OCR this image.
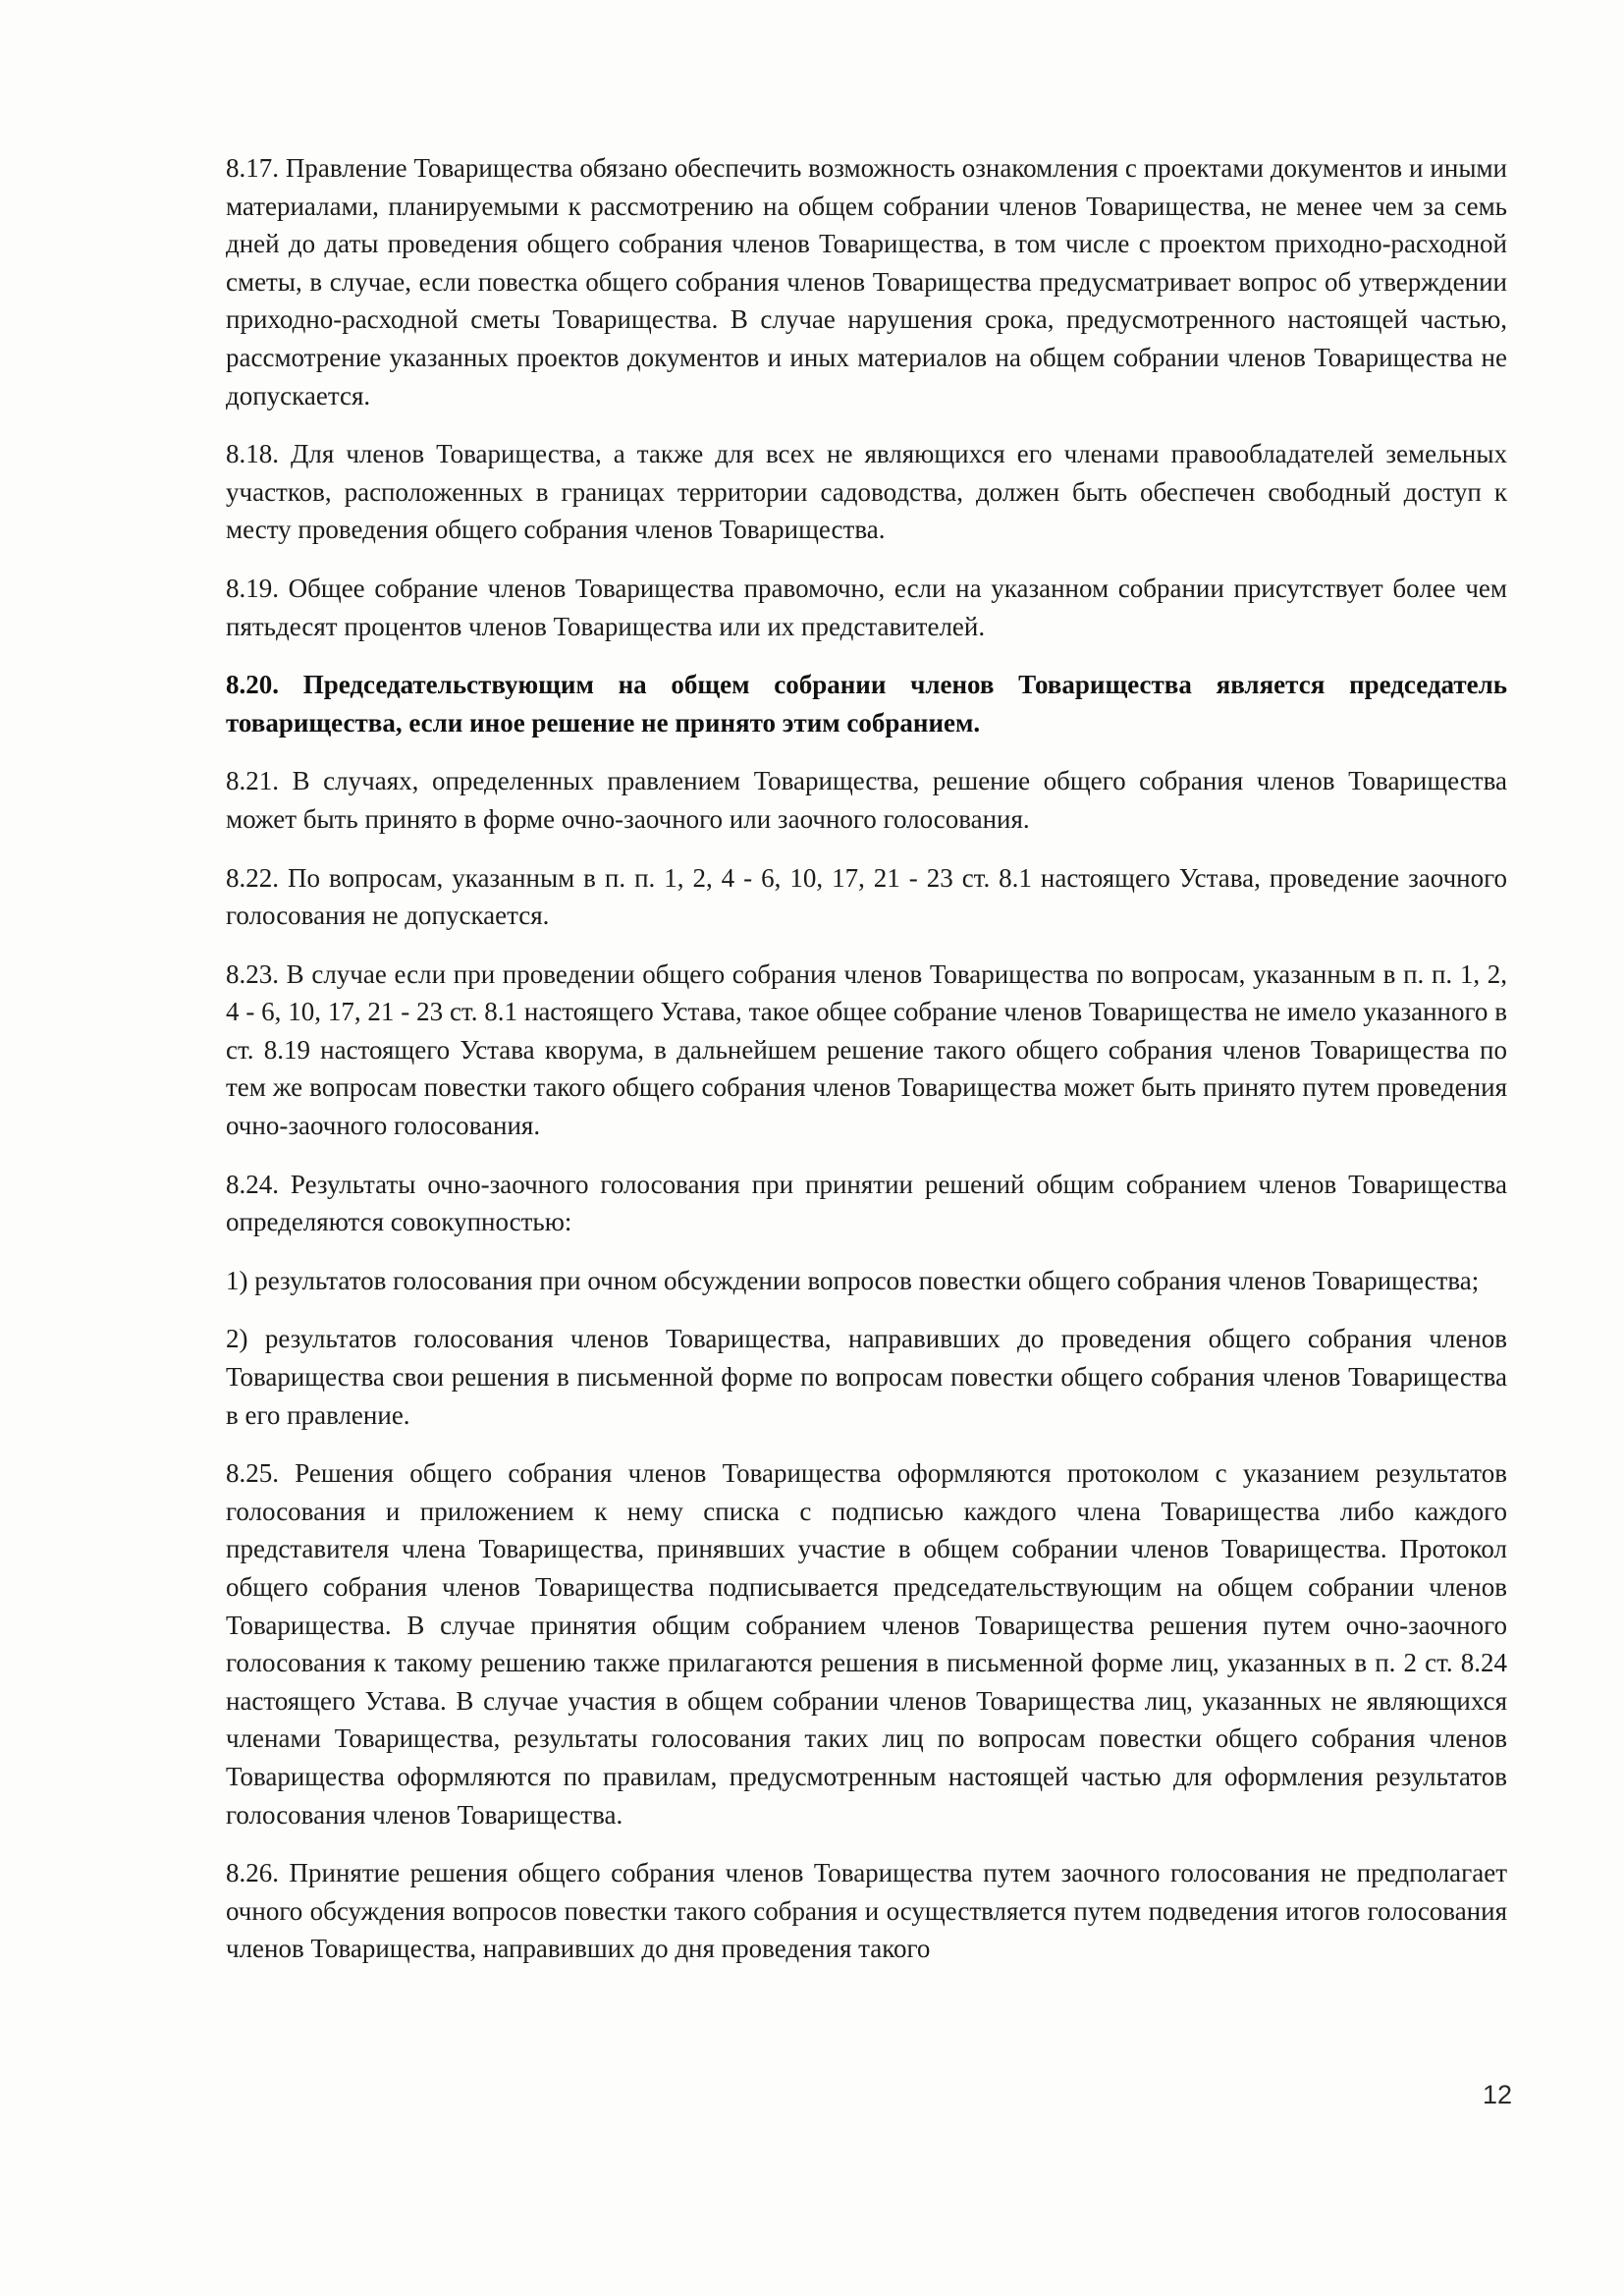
8.17. Правление Товарищества обязано обеспечить возможность ознакомления с проектами документов и иными материалами, планируемыми к рассмотрению на общем собрании членов Товарищества, не менее чем за семь дней до даты проведения общего собрания членов Товарищества, в том числе с проектом приходно-расходной сметы, в случае, если повестка общего собрания членов Товарищества предусматривает вопрос об утверждении приходно-расходной сметы Товарищества. В случае нарушения срока, предусмотренного настоящей частью, рассмотрение указанных проектов документов и иных материалов на общем собрании членов Товарищества не допускается.

8.18. Для членов Товарищества, а также для всех не являющихся его членами правообладателей земельных участков, расположенных в границах территории садоводства, должен быть обеспечен свободный доступ к месту проведения общего собрания членов Товарищества.

8.19. Общее собрание членов Товарищества правомочно, если на указанном собрании присутствует более чем пятьдесят процентов членов Товарищества или их представителей.

8.20. Председательствующим на общем собрании членов Товарищества является председатель товарищества, если иное решение не принято этим собранием.

8.21. В случаях, определенных правлением Товарищества, решение общего собрания членов Товарищества может быть принято в форме очно-заочного или заочного голосования.

8.22. По вопросам, указанным в п. п. 1, 2, 4 - 6, 10, 17, 21 - 23 ст. 8.1 настоящего Устава, проведение заочного голосования не допускается.

8.23. В случае если при проведении общего собрания членов Товарищества по вопросам, указанным в п. п. 1, 2, 4 - 6, 10, 17, 21 - 23 ст. 8.1 настоящего Устава, такое общее собрание членов Товарищества не имело указанного в ст. 8.19 настоящего Устава кворума, в дальнейшем решение такого общего собрания членов Товарищества по тем же вопросам повестки такого общего собрания членов Товарищества может быть принято путем проведения очно-заочного голосования.

8.24. Результаты очно-заочного голосования при принятии решений общим собранием членов Товарищества определяются совокупностью:

1) результатов голосования при очном обсуждении вопросов повестки общего собрания членов Товарищества;

2) результатов голосования членов Товарищества, направивших до проведения общего собрания членов Товарищества свои решения в письменной форме по вопросам повестки общего собрания членов Товарищества в его правление.

8.25. Решения общего собрания членов Товарищества оформляются протоколом с указанием результатов голосования и приложением к нему списка с подписью каждого члена Товарищества либо каждого представителя члена Товарищества, принявших участие в общем собрании членов Товарищества. Протокол общего собрания членов Товарищества подписывается председательствующим на общем собрании членов Товарищества. В случае принятия общим собранием членов Товарищества решения путем очно-заочного голосования к такому решению также прилагаются решения в письменной форме лиц, указанных в п. 2 ст. 8.24 настоящего Устава. В случае участия в общем собрании членов Товарищества лиц, указанных не являющихся членами Товарищества, результаты голосования таких лиц по вопросам повестки общего собрания членов Товарищества оформляются по правилам, предусмотренным настоящей частью для оформления результатов голосования членов Товарищества.

8.26. Принятие решения общего собрания членов Товарищества путем заочного голосования не предполагает очного обсуждения вопросов повестки такого собрания и осуществляется путем подведения итогов голосования членов Товарищества, направивших до дня проведения такого

12
